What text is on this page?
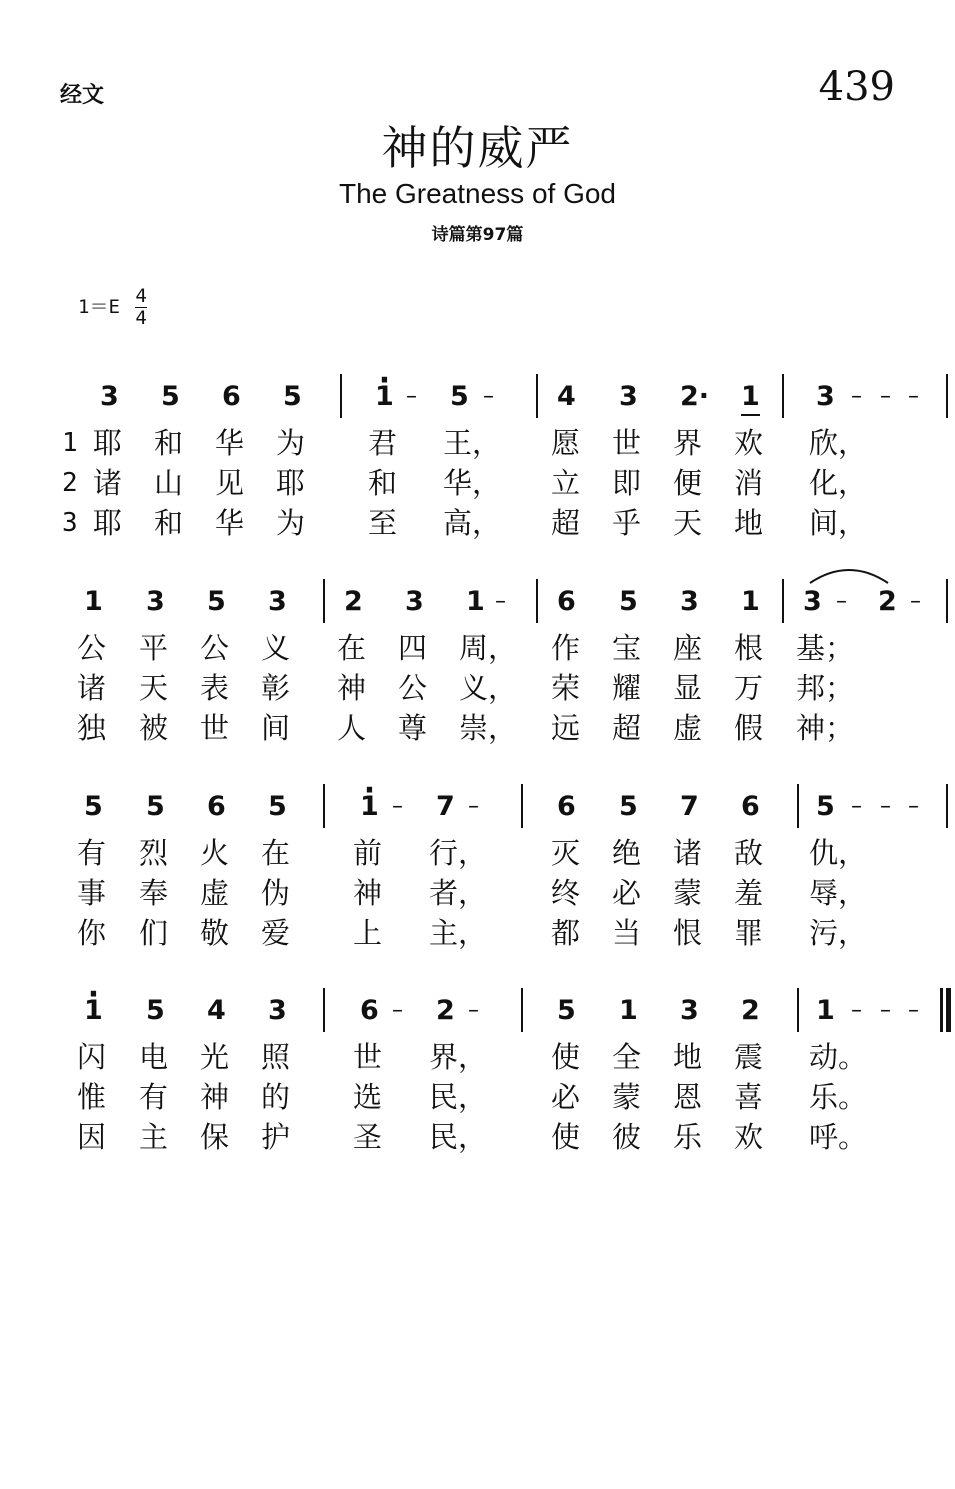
经文	439
神的威严
The Greatness of God
诗篇第97篇
$1=E \frac{4}{4}$
3 5 6 5	· 1 – 5 – 4 3 2· 1 3 – – –
1 耶 和 华 为 君 王， 愿 世 界 欢 欣，
2 诸 山 见 耶 和 华， 立 即 便 消 化，
3 耶 和 华 为 至 高， 超 乎 天 地 间，
1 3 5 3 2 3 1 – 6 5 3 1 3 – 2 –
公 平 公 义 在 四 周， 作 宝 座 根 基；
诸 天 表 彰 神 公 义， 荣 耀 显 万 邦；
独 被 世 间 人 尊 崇， 远 超 虚 假 神；
5 5 6 5	· 1 – 7 –	6 5 7 6 5 – – –
有 烈 火 在 前 行， 灭 绝 诸 敌 仇，
事 奉 虚 伪 神 者， 终 必 蒙 羞 辱，
你 们 敬 爱 上 主， 都 当 恨 罪 污，
· 1 5 4 3	6 – 2 –	5 1 3 2 1 – – –
闪 电 光 照 世 界， 使 全 地 震 动。
惟 有 神 的 选 民， 必 蒙 恩 喜 乐。
因 主 保 护 圣 民， 使 彼 乐 欢 呼。
